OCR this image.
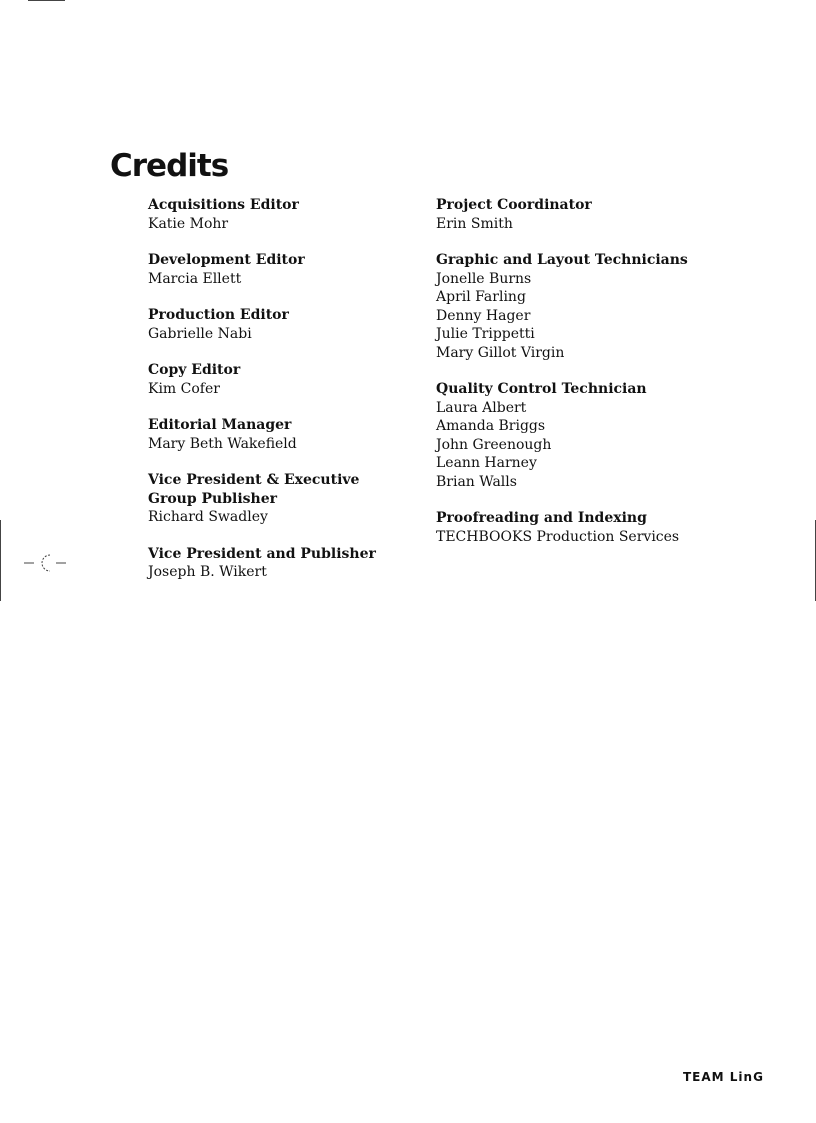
Credits
Acquisitions Editor
Katie Mohr
Development Editor
Marcia Ellett
Production Editor
Gabrielle Nabi
Copy Editor
Kim Cofer
Editorial Manager
Mary Beth Wakefield
Vice President & Executive Group Publisher
Richard Swadley
Vice President and Publisher
Joseph B. Wikert
Project Coordinator
Erin Smith
Graphic and Layout Technicians
Jonelle Burns
April Farling
Denny Hager
Julie Trippetti
Mary Gillot Virgin
Quality Control Technician
Laura Albert
Amanda Briggs
John Greenough
Leann Harney
Brian Walls
Proofreading and Indexing
TECHBOOKS Production Services
TEAM LinG
